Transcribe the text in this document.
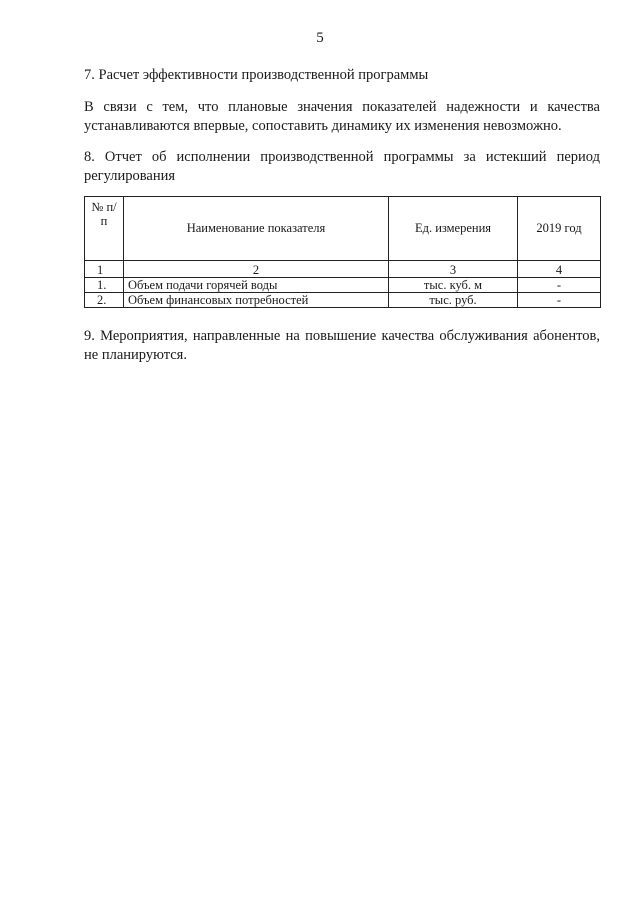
5
7. Расчет эффективности производственной программы
В связи с тем, что плановые значения показателей надежности и качества устанавливаются впервые, сопоставить динамику их изменения невозможно.
8. Отчет об исполнении производственной программы за истекший период регулирования
№ п/п	Наименование показателя	Ед. измерения	2019 год
1	2	3	4
1.	Объем подачи горячей воды	тыс. куб. м	-
2.	Объем финансовых потребностей	тыс. руб.	-
9. Мероприятия, направленные на повышение качества обслуживания абонентов, не планируются.
